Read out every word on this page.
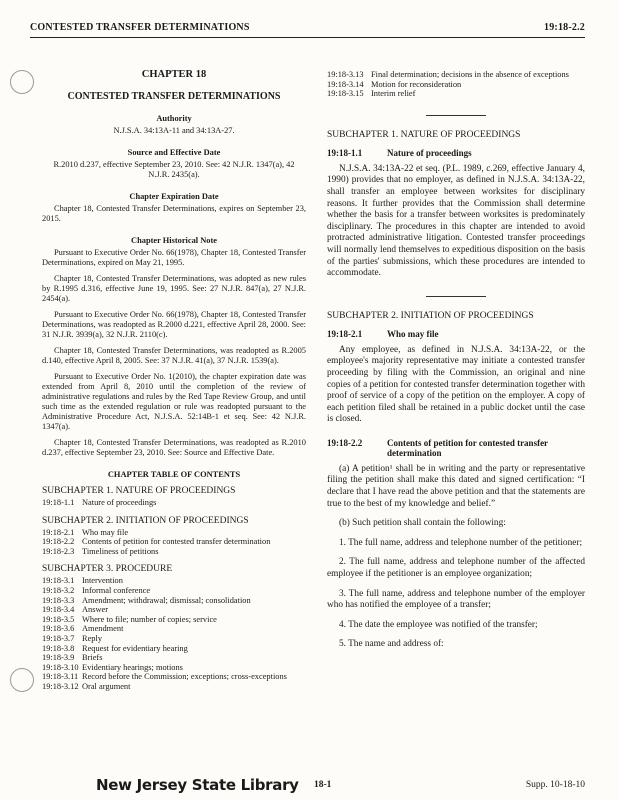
CONTESTED TRANSFER DETERMINATIONS	19:18-2.2
CHAPTER 18
CONTESTED TRANSFER DETERMINATIONS
Authority
N.J.S.A. 34:13A-11 and 34:13A-27.
Source and Effective Date
R.2010 d.237, effective September 23, 2010. See: 42 N.J.R. 1347(a), 42 N.J.R. 2435(a).
Chapter Expiration Date

Chapter 18, Contested Transfer Determinations, expires on September 23, 2015.

Chapter Historical Note

Pursuant to Executive Order No. 66(1978), Chapter 18, Contested Transfer Determinations, expired on May 21, 1995.

Chapter 18, Contested Transfer Determinations, was adopted as new rules by R.1995 d.316, effective June 19, 1995. See: 27 N.J.R. 847(a), 27 N.J.R. 2454(a).

Pursuant to Executive Order No. 66(1978), Chapter 18, Contested Transfer Determinations, was readopted as R.2000 d.221, effective April 28, 2000. See: 31 N.J.R. 3939(a), 32 N.J.R. 2110(c).

Chapter 18, Contested Transfer Determinations, was readopted as R.2005 d.140, effective April 8, 2005. See: 37 N.J.R. 41(a), 37 N.J.R. 1539(a).

Pursuant to Executive Order No. 1(2010), the chapter expiration date was extended from April 8, 2010 until the completion of the review of administrative regulations and rules by the Red Tape Review Group, and until such time as the extended regulation or rule was readopted pursuant to the Administrative Procedure Act, N.J.S.A. 52:14B-1 et seq. See: 42 N.J.R. 1347(a).

Chapter 18, Contested Transfer Determinations, was readopted as R.2010 d.237, effective September 23, 2010. See: Source and Effective Date.

CHAPTER TABLE OF CONTENTS
SUBCHAPTER 1. NATURE OF PROCEEDINGS
19:18-1.1 Nature of proceedings
SUBCHAPTER 2. INITIATION OF PROCEEDINGS
19:18-2.1 Who may file
19:18-2.2 Contents of petition for contested transfer determination
19:18-2.3 Timeliness of petitions
SUBCHAPTER 3. PROCEDURE
19:18-3.1 Intervention
19:18-3.2 Informal conference
19:18-3.3 Amendment; withdrawal; dismissal; consolidation
19:18-3.4 Answer
19:18-3.5 Where to file; number of copies; service
19:18-3.6 Amendment
19:18-3.7 Reply
19:18-3.8 Request for evidentiary hearing
19:18-3.9 Briefs
19:18-3.10 Evidentiary hearings; motions
19:18-3.11 Record before the Commission; exceptions; cross-exceptions
19:18-3.12 Oral argument
19:18-3.13 Final determination; decisions in the absence of exceptions
19:18-3.14 Motion for reconsideration
19:18-3.15 Interim relief
SUBCHAPTER 1. NATURE OF PROCEEDINGS
19:18-1.1	Nature of proceedings

N.J.S.A. 34:13A-22 et seq. (P.L. 1989, c.269, effective January 4, 1990) provides that no employer, as defined in N.J.S.A. 34:13A-22, shall transfer an employee between worksites for disciplinary reasons. It further provides that the Commission shall determine whether the basis for a transfer between worksites is predominately disciplinary. The procedures in this chapter are intended to avoid protracted administrative litigation. Contested transfer proceedings will normally lend themselves to expeditious disposition on the basis of the parties' submissions, which these procedures are intended to accommodate.

SUBCHAPTER 2. INITIATION OF PROCEEDINGS
19:18-2.1	Who may file

Any employee, as defined in N.J.S.A. 34:13A-22, or the employee's majority representative may initiate a contested transfer proceeding by filing with the Commission, an original and nine copies of a petition for contested transfer determination together with proof of service of a copy of the petition on the employer. A copy of each petition filed shall be retained in a public docket until the case is closed.

19:18-2.2	Contents of petition for contested transfer determination

(a) A petition¹ shall be in writing and the party or representative filing the petition shall make this dated and signed certification: “I declare that I have read the above petition and that the statements are true to the best of my knowledge and belief.”

(b) Such petition shall contain the following:

1. The full name, address and telephone number of the petitioner;

2. The full name, address and telephone number of the affected employee if the petitioner is an employee organization;

3. The full name, address and telephone number of the employer who has notified the employee of a transfer;

4. The date the employee was notified of the transfer;

5. The name and address of:

New Jersey State Library 18-1	Supp. 10-18-10
